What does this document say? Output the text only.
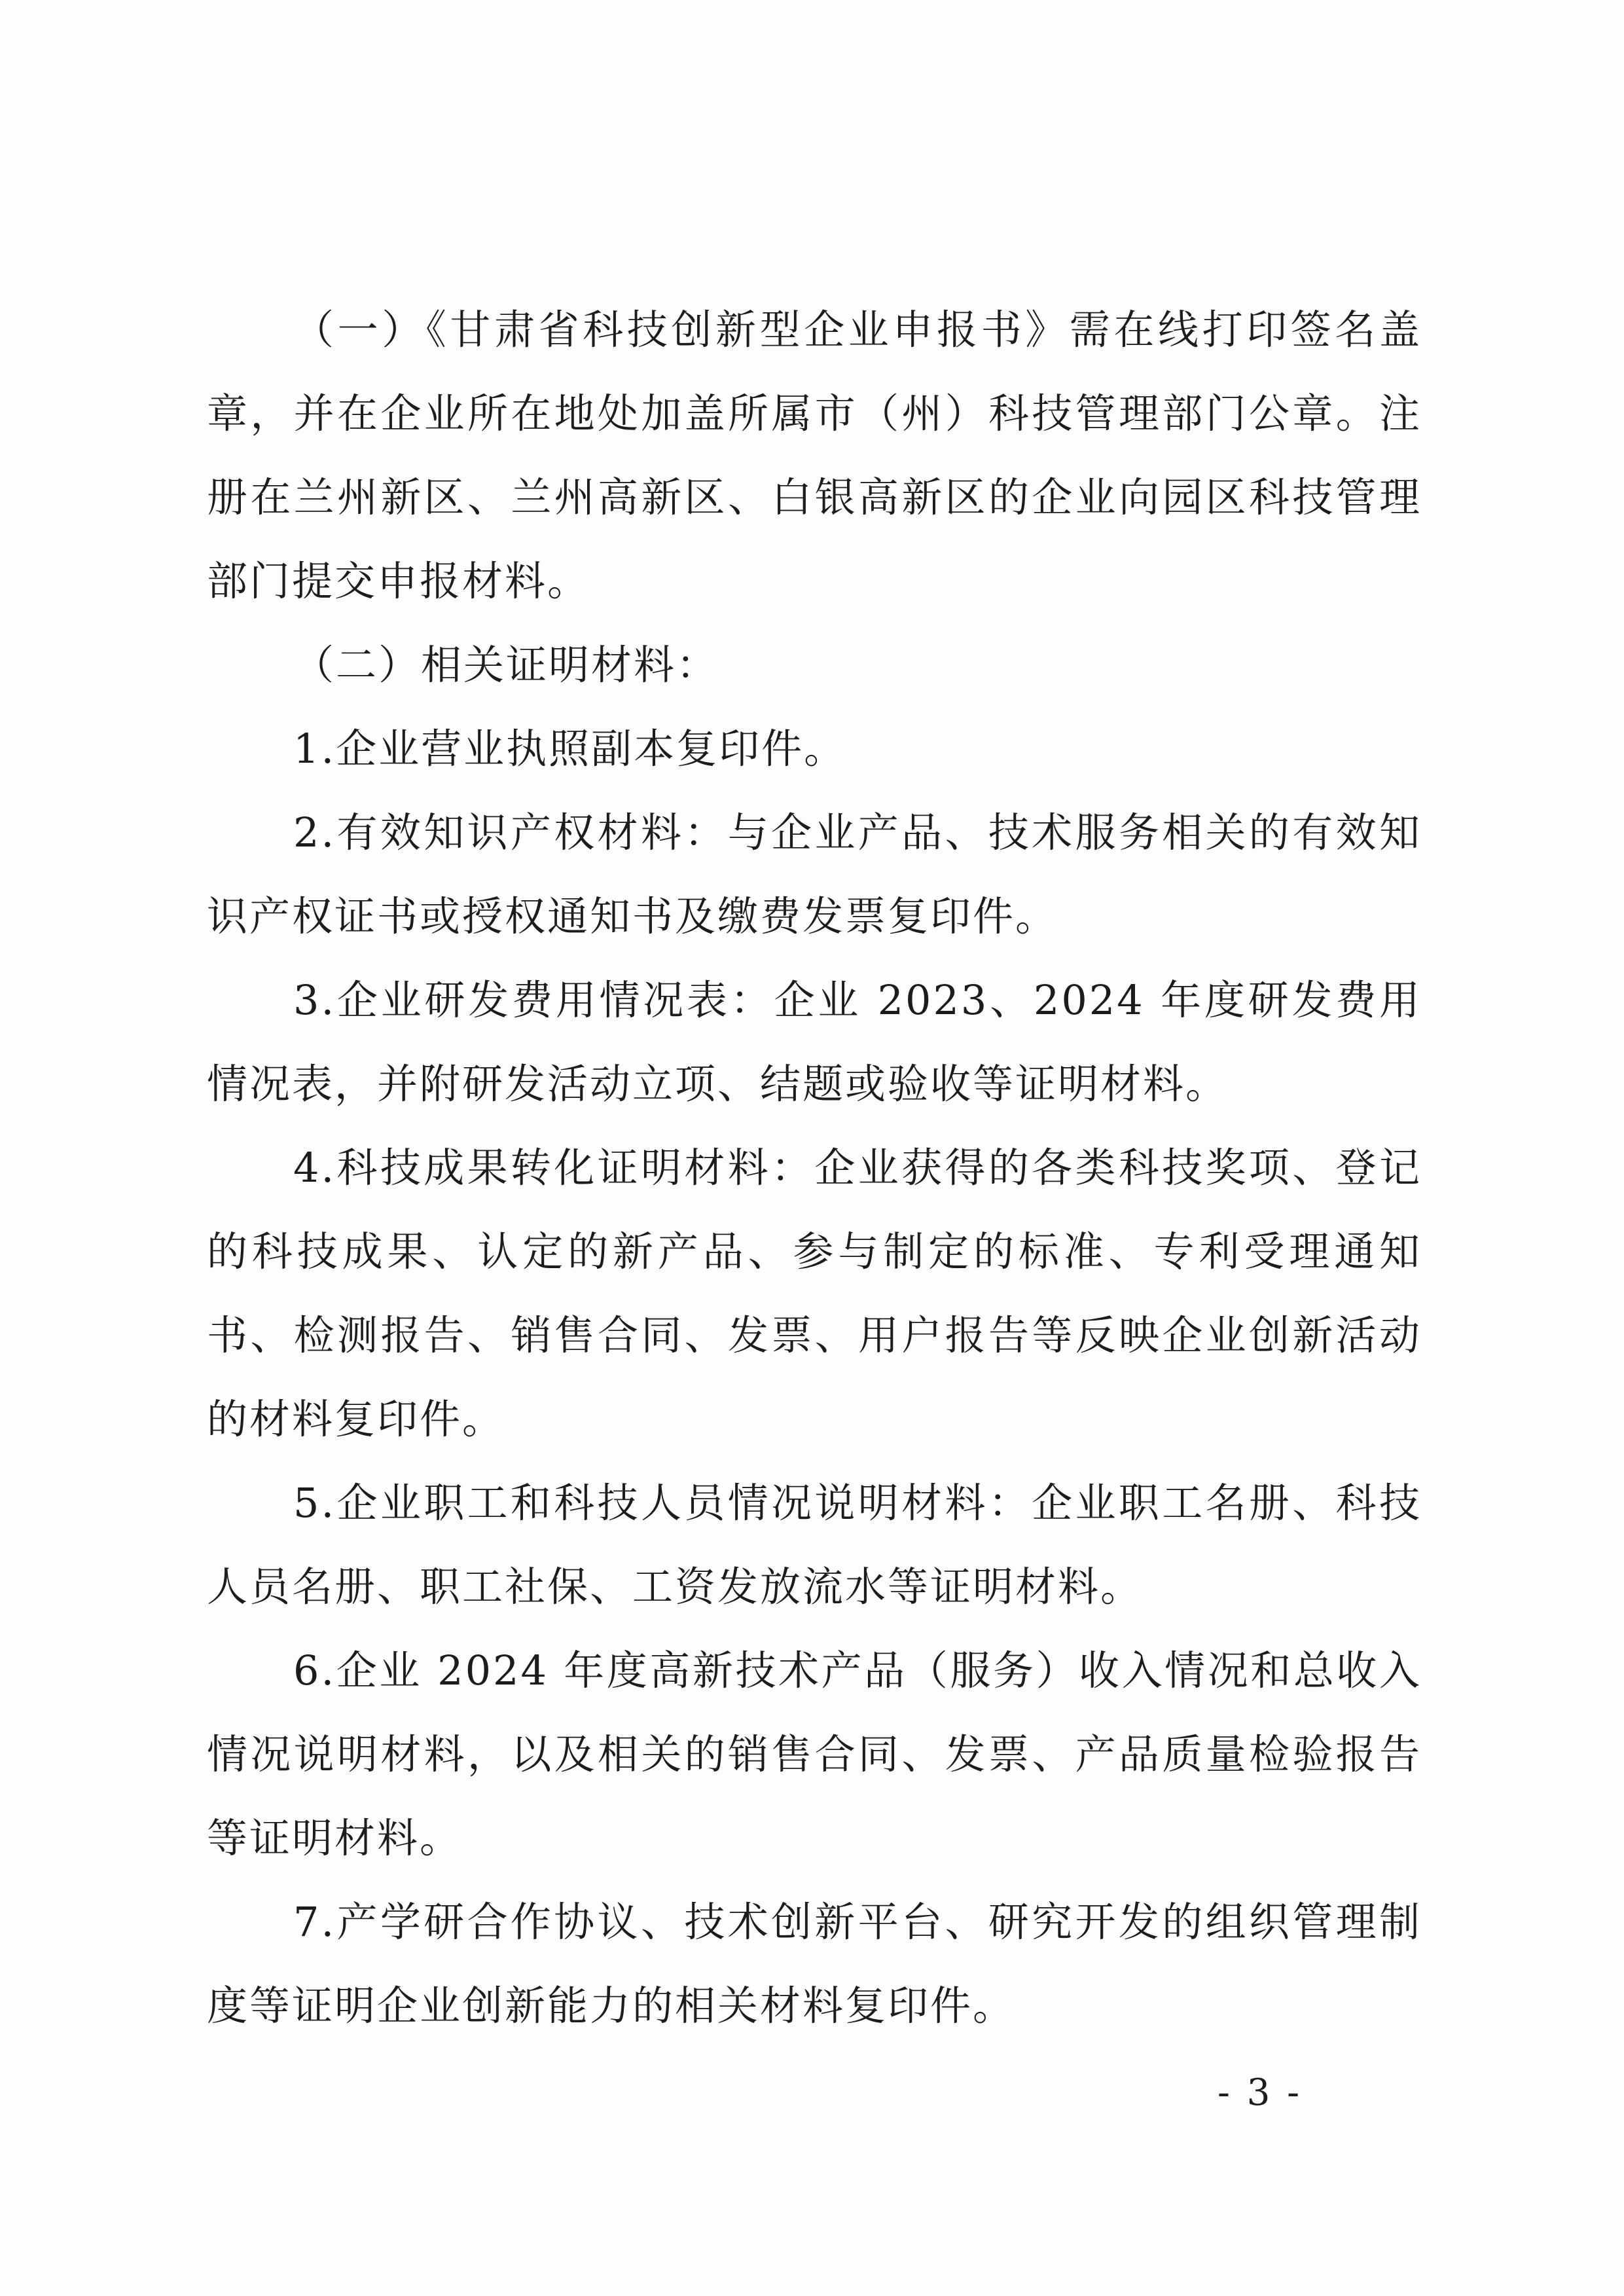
（一）《甘肃省科技创新型企业申报书》需在线打印签名盖章，并在企业所在地处加盖所属市（州）科技管理部门公章。注册在兰州新区、兰州高新区、白银高新区的企业向园区科技管理部门提交申报材料。

（二）相关证明材料：

1.企业营业执照副本复印件。

2.有效知识产权材料：与企业产品、技术服务相关的有效知识产权证书或授权通知书及缴费发票复印件。

3.企业研发费用情况表：企业 2023、2024 年度研发费用情况表，并附研发活动立项、结题或验收等证明材料。

4.科技成果转化证明材料：企业获得的各类科技奖项、登记的科技成果、认定的新产品、参与制定的标准、专利受理通知书、检测报告、销售合同、发票、用户报告等反映企业创新活动的材料复印件。

5.企业职工和科技人员情况说明材料：企业职工名册、科技人员名册、职工社保、工资发放流水等证明材料。

6.企业 2024 年度高新技术产品（服务）收入情况和总收入情况说明材料，以及相关的销售合同、发票、产品质量检验报告等证明材料。

7.产学研合作协议、技术创新平台、研究开发的组织管理制度等证明企业创新能力的相关材料复印件。

- 3 -
